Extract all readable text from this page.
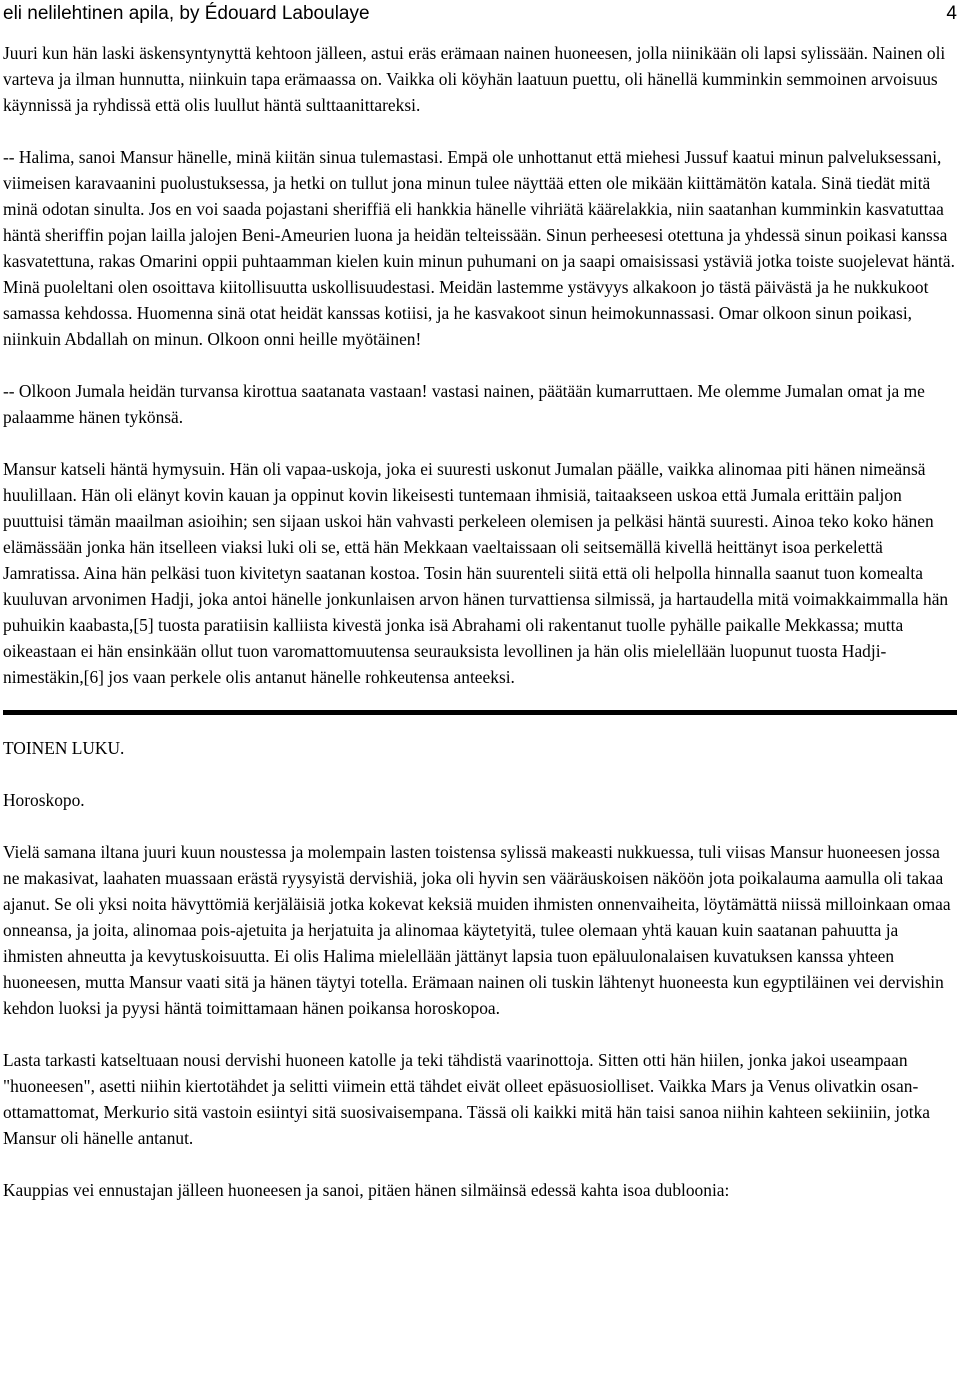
eli nelilehtinen apila, by Édouard Laboulaye	4

Juuri kun hän laski äskensyntynyttä kehtoon jälleen, astui eräs erämaan nainen huoneesen, jolla niinikään oli lapsi sylissään. Nainen oli varteva ja ilman hunnutta, niinkuin tapa erämaassa on. Vaikka oli köyhän laatuun puettu, oli hänellä kumminkin semmoinen arvoisuus käynnissä ja ryhdissä että olis luullut häntä sulttaanittareksi.

-- Halima, sanoi Mansur hänelle, minä kiitän sinua tulemastasi. Empä ole unhottanut että miehesi Jussuf kaatui minun palveluksessani, viimeisen karavaanini puolustuksessa, ja hetki on tullut jona minun tulee näyttää etten ole mikään kiittämätön katala. Sinä tiedät mitä minä odotan sinulta. Jos en voi saada pojastani sheriffiä eli hankkia hänelle vihriätä käärelakkia, niin saatanhan kumminkin kasvatuttaa häntä sheriffin pojan lailla jalojen Beni-Ameurien luona ja heidän telteissään. Sinun perheesesi otettuna ja yhdessä sinun poikasi kanssa kasvatettuna, rakas Omarini oppii puhtaamman kielen kuin minun puhumani on ja saapi omaisissasi ystäviä jotka toiste suojelevat häntä. Minä puoleltani olen osoittava kiitollisuutta uskollisuudestasi. Meidän lastemme ystävyys alkakoon jo tästä päivästä ja he nukkukoot samassa kehdossa. Huomenna sinä otat heidät kanssas kotiisi, ja he kasvakoot sinun heimokunnassasi. Omar olkoon sinun poikasi, niinkuin Abdallah on minun. Olkoon onni heille myötäinen!

-- Olkoon Jumala heidän turvansa kirottua saatanata vastaan! vastasi nainen, päätään kumarruttaen. Me olemme Jumalan omat ja me palaamme hänen tykönsä.

Mansur katseli häntä hymysuin. Hän oli vapaa-uskoja, joka ei suuresti uskonut Jumalan päälle, vaikka alinomaa piti hänen nimeänsä huulillaan. Hän oli elänyt kovin kauan ja oppinut kovin likeisesti tuntemaan ihmisiä, taitaakseen uskoa että Jumala erittäin paljon puuttuisi tämän maailman asioihin; sen sijaan uskoi hän vahvasti perkeleen olemisen ja pelkäsi häntä suuresti. Ainoa teko koko hänen elämässään jonka hän itselleen viaksi luki oli se, että hän Mekkaan vaeltaissaan oli seitsemällä kivellä heittänyt isoa perkelettä Jamratissa. Aina hän pelkäsi tuon kivitetyn saatanan kostoa. Tosin hän suurenteli siitä että oli helpolla hinnalla saanut tuon komealta kuuluvan arvonimen Hadji, joka antoi hänelle jonkunlaisen arvon hänen turvattiensa silmissä, ja hartaudella mitä voimakkaimmalla hän puhuikin kaabasta,[5] tuosta paratiisin kalliista kivestä jonka isä Abrahami oli rakentanut tuolle pyhälle paikalle Mekkassa; mutta oikeastaan ei hän ensinkään ollut tuon varomattomuutensa seurauksista levollinen ja hän olis mielellään luopunut tuosta Hadji-nimestäkin,[6] jos vaan perkele olis antanut hänelle rohkeutensa anteeksi.

TOINEN LUKU.

Horoskopo.

Vielä samana iltana juuri kuun noustessa ja molempain lasten toistensa sylissä makeasti nukkuessa, tuli viisas Mansur huoneesen jossa ne makasivat, laahaten muassaan erästä ryysyistä dervishiä, joka oli hyvin sen vääräuskoisen näköön jota poikalauma aamulla oli takaa ajanut. Se oli yksi noita hävyttömiä kerjäläisiä jotka kokevat keksiä muiden ihmisten onnenvaiheita, löytämättä niissä milloinkaan omaa onneansa, ja joita, alinomaa pois-ajetuita ja herjatuita ja alinomaa käytetyitä, tulee olemaan yhtä kauan kuin saatanan pahuutta ja ihmisten ahneutta ja kevytuskoisuutta. Ei olis Halima mielellään jättänyt lapsia tuon epäluulonalaisen kuvatuksen kanssa yhteen huoneesen, mutta Mansur vaati sitä ja hänen täytyi totella. Erämaan nainen oli tuskin lähtenyt huoneesta kun egyptiläinen vei dervishin kehdon luoksi ja pyysi häntä toimittamaan hänen poikansa horoskopoa.

Lasta tarkasti katseltuaan nousi dervishi huoneen katolle ja teki tähdistä vaarinottoja. Sitten otti hän hiilen, jonka jakoi useampaan "huoneesen", asetti niihin kiertotähdet ja selitti viimein että tähdet eivät olleet epäsuosiolliset. Vaikka Mars ja Venus olivatkin osan-ottamattomat, Merkurio sitä vastoin esiintyi sitä suosivaisempana. Tässä oli kaikki mitä hän taisi sanoa niihin kahteen sekiiniin, jotka Mansur oli hänelle antanut.

Kauppias vei ennustajan jälleen huoneesen ja sanoi, pitäen hänen silmäinsä edessä kahta isoa dubloonia:
